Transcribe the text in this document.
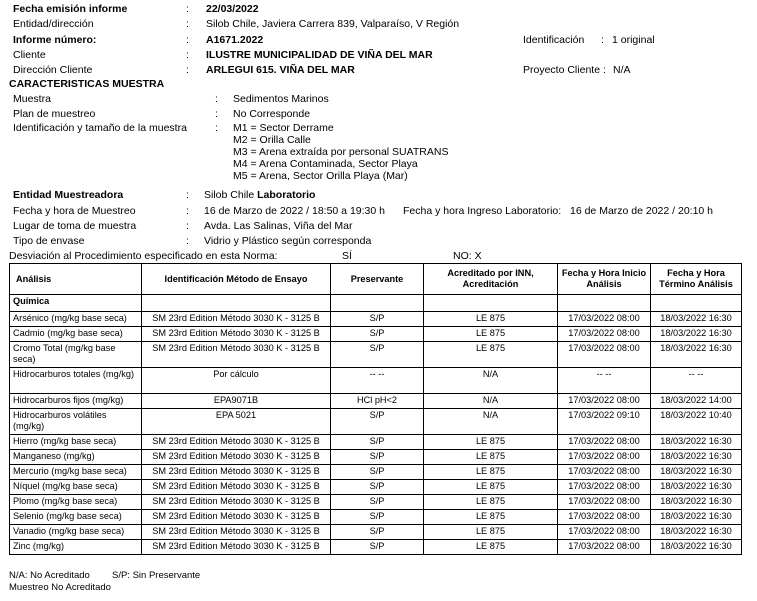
Fecha emisión informe	: 22/03/2022
Entidad/dirección	: Silob Chile, Javiera Carrera 839, Valparaíso, V Región
Informe número:	: A1671.2022	Identificación : 1 original
Cliente	: ILUSTRE MUNICIPALIDAD DE VIÑA DEL MAR
Dirección Cliente	: ARLEGUI 615. VIÑA DEL MAR	Proyecto Cliente : N/A
CARACTERISTICAS MUESTRA
Muestra	: Sedimentos Marinos
Plan de muestreo	: No Corresponde
Identificación y tamaño de la muestra	: M1 = Sector Derrame
M2 = Orilla Calle
M3 = Arena extraída por personal SUATRANS
M4 = Arena Contaminada, Sector Playa
M5 = Arena, Sector Orilla Playa (Mar)
Entidad Muestreadora	: Silob Chile Laboratorio
Fecha y hora de Muestreo	: 16 de Marzo de 2022 / 18:50 a 19:30 h Fecha y hora Ingreso Laboratorio: 16 de Marzo de 2022 / 20:10 h
Lugar de toma de muestra	: Avda. Las Salinas, Viña del Mar
Tipo de envase	: Vidrio y Plástico según corresponda
Desviación al Procedimiento especificado en esta Norma:	SÍ	NO: X
Análisis	Identificación Método de Ensayo	Preservante	Acreditado por INN, Acreditación	Fecha y Hora Inicio Análisis	Fecha y Hora Término Análisis
Química					
Arsénico (mg/kg base seca)	SM 23rd Edition Método 3030 K - 3125 B	S/P	LE 875	17/03/2022 08:00	18/03/2022 16:30
Cadmio (mg/kg base seca)	SM 23rd Edition Método 3030 K - 3125 B	S/P	LE 875	17/03/2022 08:00	18/03/2022 16:30
Cromo Total (mg/kg base seca)	SM 23rd Edition Método 3030 K - 3125 B	S/P	LE 875	17/03/2022 08:00	18/03/2022 16:30
Hidrocarburos totales (mg/kg)	Por cálculo	-- --	N/A	-- --	-- --
Hidrocarburos fijos (mg/kg)	EPA9071B	HCl pH<2	N/A	17/03/2022 08:00	18/03/2022 14:00
Hidrocarburos volátiles (mg/kg)	EPA 5021	S/P	N/A	17/03/2022 09:10	18/03/2022 10:40
Hierro (mg/kg base seca)	SM 23rd Edition Método 3030 K - 3125 B	S/P	LE 875	17/03/2022 08:00	18/03/2022 16:30
Manganeso (mg/kg)	SM 23rd Edition Método 3030 K - 3125 B	S/P	LE 875	17/03/2022 08:00	18/03/2022 16:30
Mercurio (mg/kg base seca)	SM 23rd Edition Método 3030 K - 3125 B	S/P	LE 875	17/03/2022 08:00	18/03/2022 16:30
Níquel (mg/kg base seca)	SM 23rd Edition Método 3030 K - 3125 B	S/P	LE 875	17/03/2022 08:00	18/03/2022 16:30
Plomo (mg/kg base seca)	SM 23rd Edition Método 3030 K - 3125 B	S/P	LE 875	17/03/2022 08:00	18/03/2022 16:30
Selenio (mg/kg base seca)	SM 23rd Edition Método 3030 K - 3125 B	S/P	LE 875	17/03/2022 08:00	18/03/2022 16:30
Vanadio (mg/kg base seca)	SM 23rd Edition Método 3030 K - 3125 B	S/P	LE 875	17/03/2022 08:00	18/03/2022 16:30
Zinc (mg/kg)	SM 23rd Edition Método 3030 K - 3125 B	S/P	LE 875	17/03/2022 08:00	18/03/2022 16:30
N/A: No Acreditado S/P: Sin Preservante
Muestreo No Acreditado
